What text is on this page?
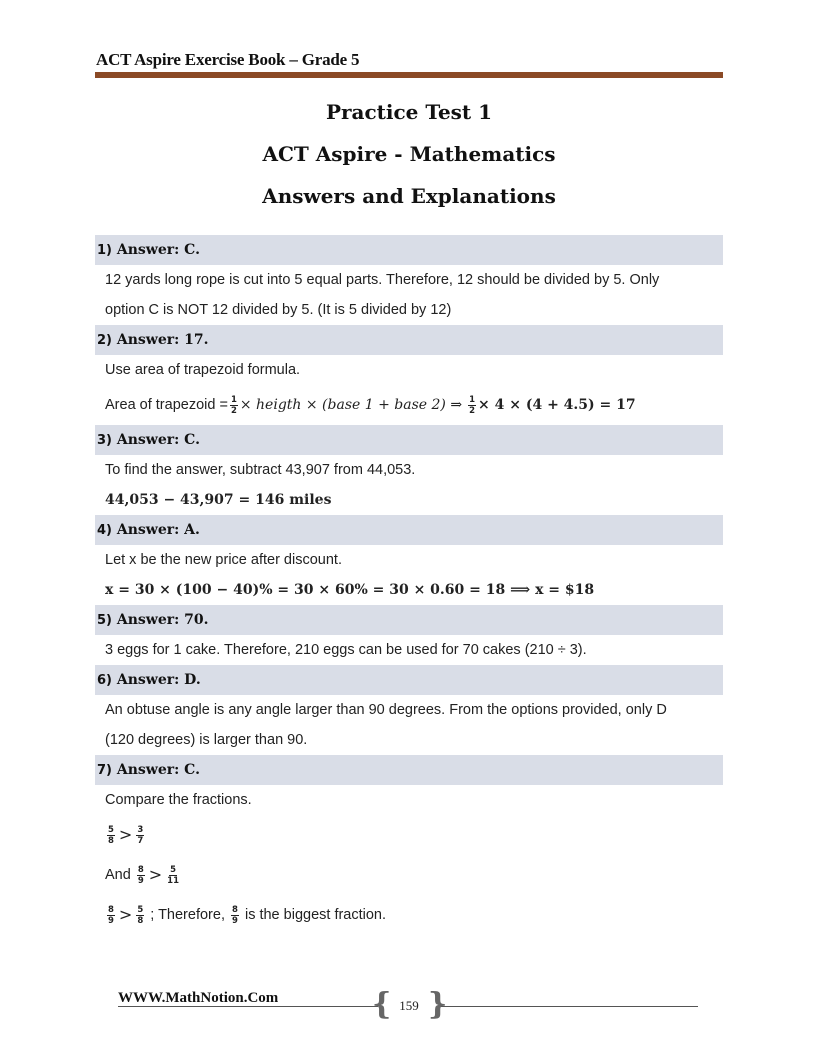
ACT Aspire Exercise Book – Grade 5
Practice Test 1
ACT Aspire - Mathematics
Answers and Explanations
1) Answer: C.
12 yards long rope is cut into 5 equal parts. Therefore, 12 should be divided by 5. Only
option C is NOT 12 divided by 5. (It is 5 divided by 12)
2) Answer: 17.
Use area of trapezoid formula.
Area of trapezoid = $\frac{1}{2}$ × heigth × (base 1 + base 2) ⇒ $\frac{1}{2} \times 4 \times (4 + 4.5) = 17$
3) Answer: C.
To find the answer, subtract 43,907 from 44,053.
44,053 − 43,907 = 146 miles
4) Answer: A.
Let x be the new price after discount.
x = 30 × (100 − 40)% = 30 × 60% = 30 × 0.60 = 18 ⟹ x = $18
5) Answer: 70.
3 eggs for 1 cake. Therefore, 210 eggs can be used for 70 cakes (210 ÷ 3).
6) Answer: D.
An obtuse angle is any angle larger than 90 degrees. From the options provided, only D
(120 degrees) is larger than 90.
7) Answer: C.
Compare the fractions.
$\frac{5}{8} > \frac{3}{7}$
And $\frac{8}{9} > \frac{5}{11}$
$\frac{8}{9} > \frac{5}{8}$ ; Therefore, $\frac{8}{9}$ is the biggest fraction.
WWW.MathNotion.Com	{ }
159
